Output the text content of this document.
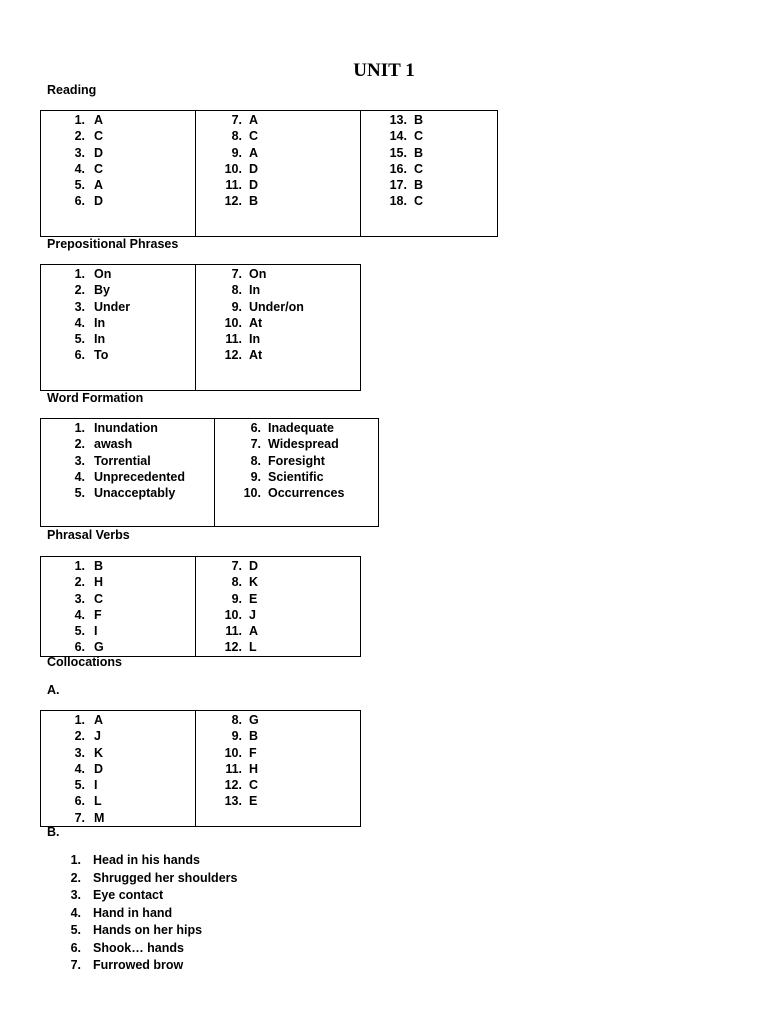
UNIT 1
Reading
1. A
2. C
3. D
4. C
5. A
6. D

7. A
8. C
9. A
10. D
11. D
12. B

13. B
14. C
15. B
16. C
17. B
18. C
Prepositional Phrases
1. On
2. By
3. Under
4. In
5. In
6. To

7. On
8. In
9. Under/on
10. At
11. In
12. At
Word Formation
1. Inundation
2. awash
3. Torrential
4. Unprecedented
5. Unacceptably

6. Inadequate
7. Widespread
8. Foresight
9. Scientific
10. Occurrences
Phrasal Verbs
1. B
2. H
3. C
4. F
5. I
6. G

7. D
8. K
9. E
10. J
11. A
12. L
Collocations
A.
1. A
2. J
3. K
4. D
5. I
6. L
7. M

8. G
9. B
10. F
11. H
12. C
13. E
B.
1. Head in his hands
2. Shrugged her shoulders
3. Eye contact
4. Hand in hand
5. Hands on her hips
6. Shook… hands
7. Furrowed brow
